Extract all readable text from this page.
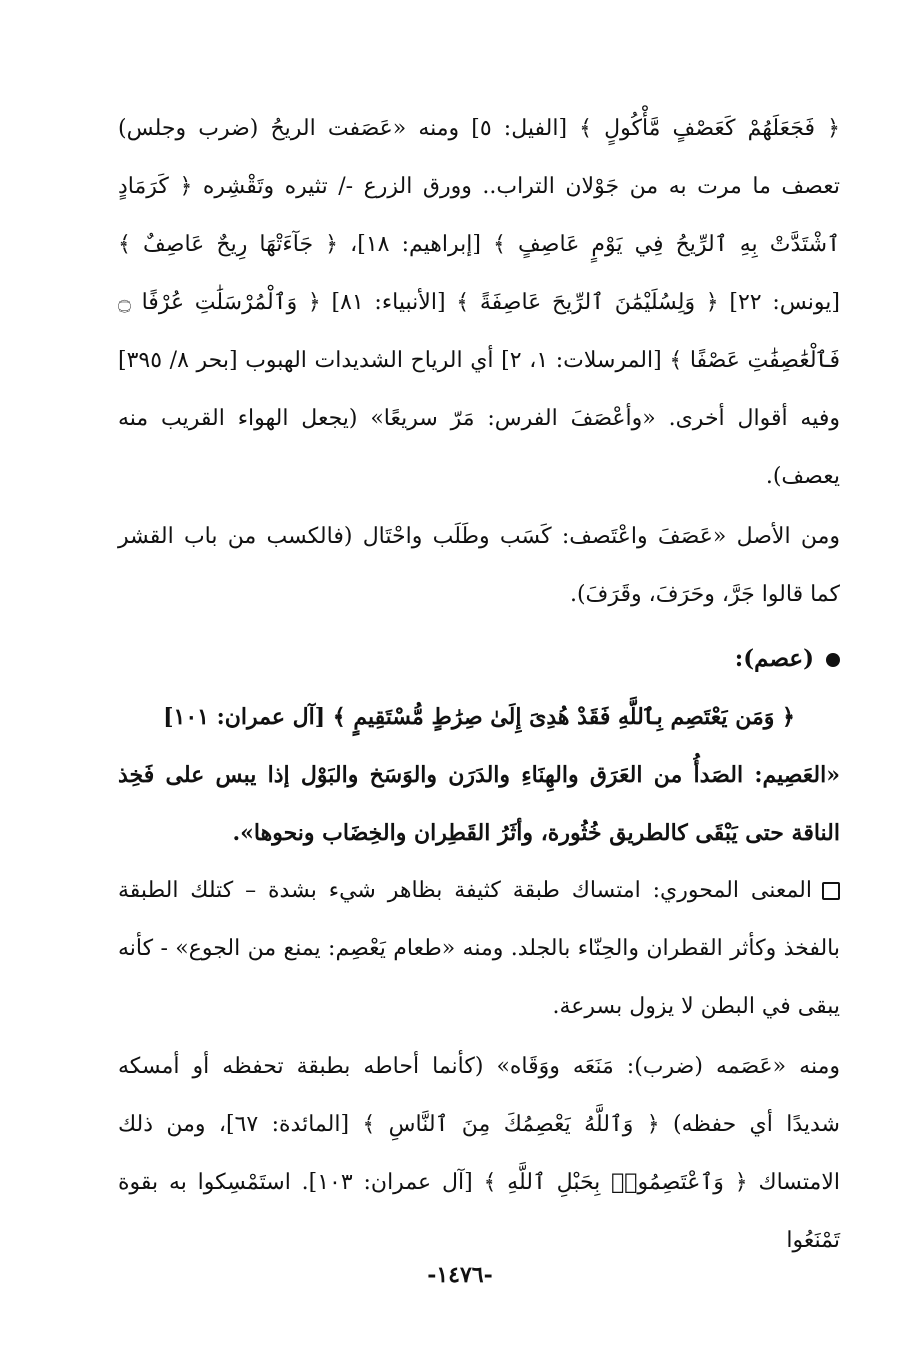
﴿ فَجَعَلَهُمْ كَعَصْفٍ مَّأْكُولٍ ﴾ [الفيل: ٥] ومنه «عَصَفت الريحُ (ضرب وجلس) تعصف ما مرت به من جَوْلان التراب.. وورق الزرع -/ تثيره وتَقْشِره ﴿ كَرَمَادٍ ٱشْتَدَّتْ بِهِ ٱلرِّيحُ فِي يَوْمٍ عَاصِفٍ ﴾ [إبراهيم: ١٨]، ﴿ جَآءَتْهَا رِيحٌ عَاصِفٌ ﴾ [يونس: ٢٢] ﴿ وَلِسُلَيْمَٰنَ ٱلرِّيحَ عَاصِفَةً ﴾ [الأنبياء: ٨١] ﴿ وَٱلْمُرْسَلَٰتِ عُرْفًا ۝ فَٱلْعَٰصِفَٰتِ عَصْفًا ﴾ [المرسلات: ١، ٢] أي الرياح الشديدات الهبوب [بحر ٨/ ٣٩٥] وفيه أقوال أخرى. «وأعْصَفَ الفرس: مَرّ سريعًا» (يجعل الهواء القريب منه يعصف).

ومن الأصل «عَصَفَ واعْتَصف: كَسَب وطَلَب واحْتَال (فالكسب من باب القشر كما قالوا جَرَّ، وحَرَفَ، وقَرَفَ).

(عصم):
﴿ وَمَن يَعْتَصِم بِٱللَّهِ فَقَدْ هُدِىَ إِلَىٰ صِرَٰطٍ مُّسْتَقِيمٍ ﴾ [آل عمران: ١٠١]

«العَصِيم: الصَدأُ من العَرَق والهِنَاءِ والدَرَن والوَسَخ والبَوْل إذا يبس على فَخِذ الناقة حتى يَبْقَى كالطريق خُثُورة، وأثَرُ القَطِران والخِضَاب ونحوها».

المعنى المحوري: امتساك طبقة كثيفة بظاهر شيء بشدة – كتلك الطبقة بالفخذ وكأثر القطران والحِنّاء بالجلد. ومنه «طعام يَعْصِم: يمنع من الجوع» - كأنه يبقى في البطن لا يزول بسرعة.

ومنه «عَصَمه (ضرب): مَنَعَه ووَقَاه» (كأنما أحاطه بطبقة تحفظه أو أمسكه شديدًا أي حفظه) ﴿ وَٱللَّهُ يَعْصِمُكَ مِنَ ٱلنَّاسِ ﴾ [المائدة: ٦٧]، ومن ذلك الامتساك ﴿ وَٱعْتَصِمُوا۟ بِحَبْلِ ٱللَّهِ ﴾ [آل عمران: ١٠٣]. استَمْسِكوا به بقوة تَمْنَعُوا

-١٤٧٦-
